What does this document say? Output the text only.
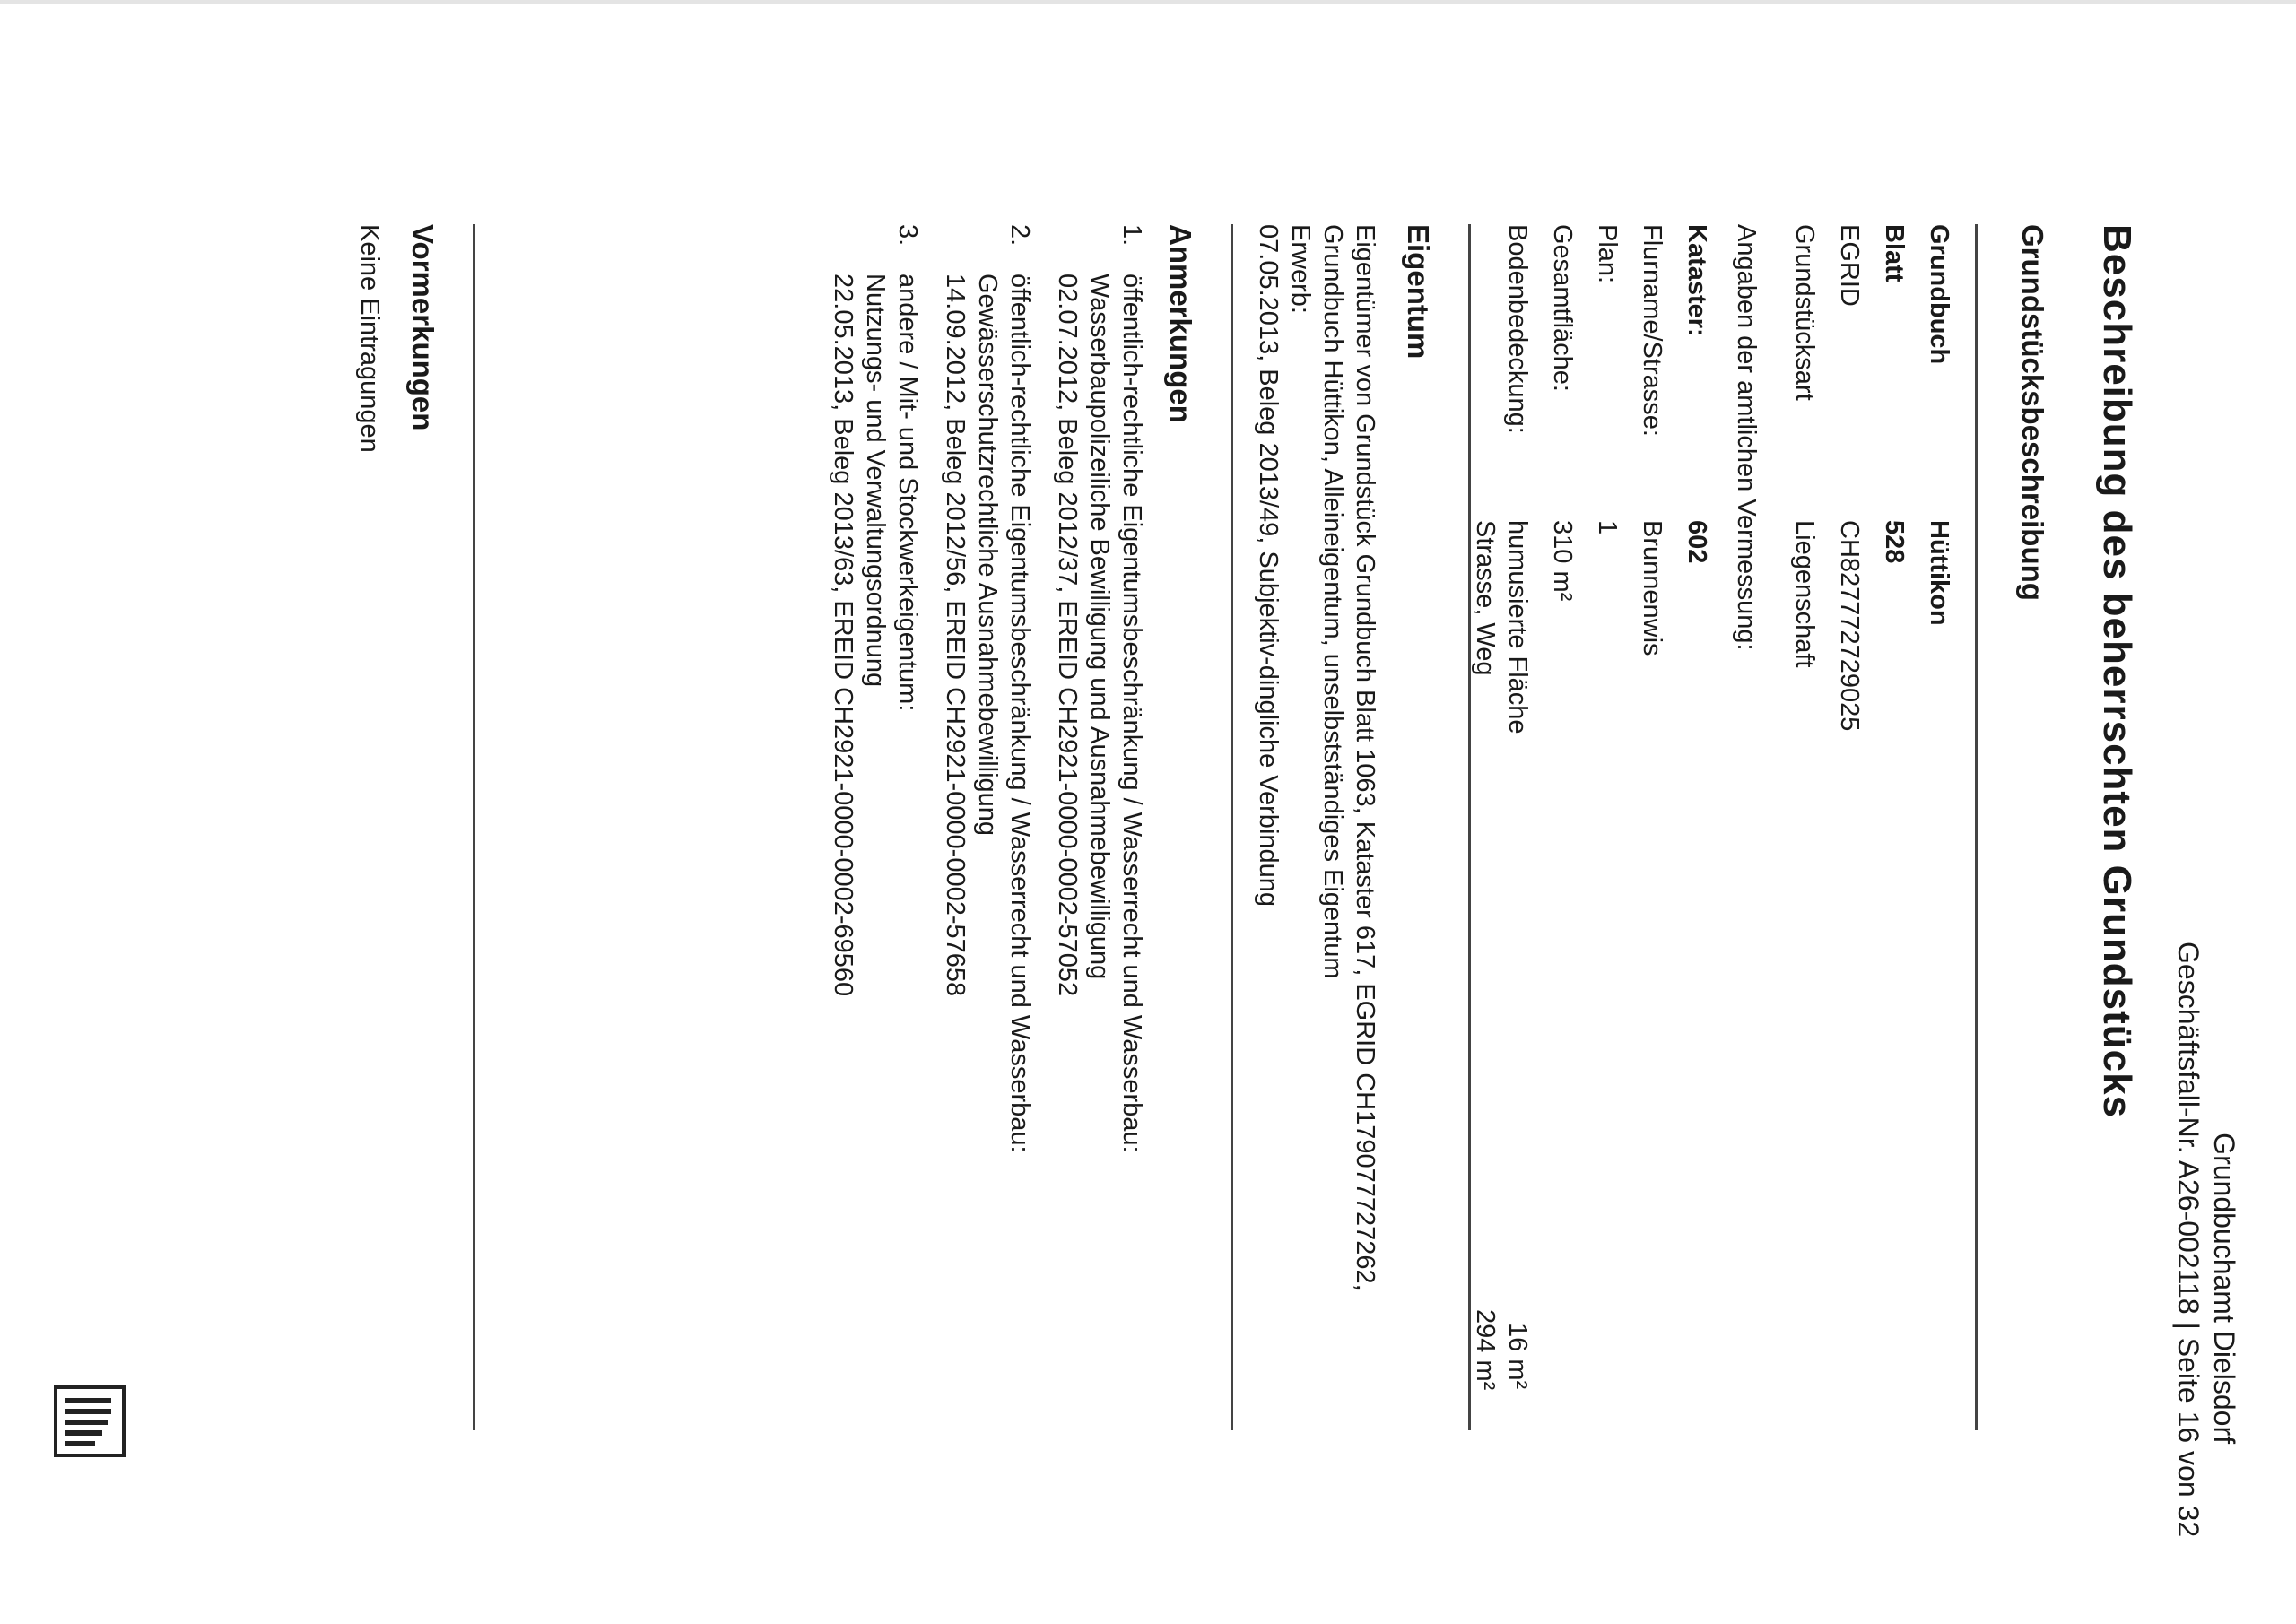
Grundbuchamt Dielsdorf
Geschäftsfall-Nr. A26-002118 | Seite 16 von 32
Beschreibung des beherrschten Grundstücks
Grundstücksbeschreibung
Grundbuch
Hüttikon
Blatt
528
EGRID
CH827772729025
Grundstücksart
Liegenschaft
Angaben der amtlichen Vermessung:
Kataster:
602
Flurname/Strasse:
Brunnenwis
Plan:
1
Gesamtfläche:
310 m²
Bodenbedeckung:
humusierte Fläche
16 m²
Strasse, Weg
294 m²
Eigentum
Eigentümer von Grundstück Grundbuch Blatt 1063, Kataster 617, EGRID CH179077727262,
Grundbuch Hüttikon, Alleineigentum, unselbstständiges Eigentum
Erwerb:
07.05.2013, Beleg 2013/49, Subjektiv-dingliche Verbindung
Anmerkungen
1.
öffentlich-rechtliche Eigentumsbeschränkung / Wasserrecht und Wasserbau:
Wasserbaupolizeiliche Bewilligung und Ausnahmebewilligung
02.07.2012, Beleg 2012/37, EREID CH2921-0000-0002-57052
2.
öffentlich-rechtliche Eigentumsbeschränkung / Wasserrecht und Wasserbau:
Gewässerschutzrechtliche Ausnahmebewilligung
14.09.2012, Beleg 2012/56, EREID CH2921-0000-0002-57658
3.
andere / Mit- und Stockwerkeigentum:
Nutzungs- und Verwaltungsordnung
22.05.2013, Beleg 2013/63, EREID CH2921-0000-0002-69560
Vormerkungen
Keine Eintragungen
